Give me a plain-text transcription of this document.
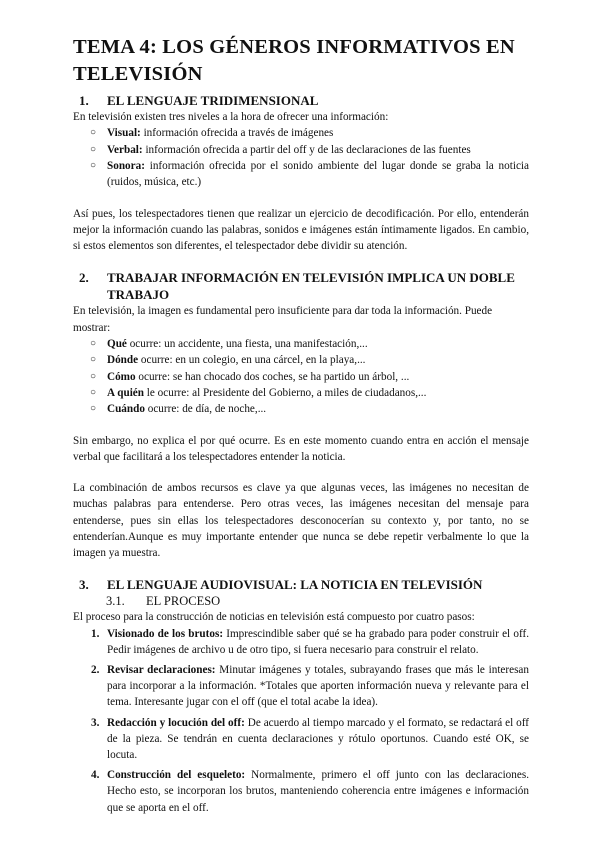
TEMA 4: LOS GÉNEROS INFORMATIVOS EN TELEVISIÓN
1.	EL LENGUAJE TRIDIMENSIONAL

En televisión existen tres niveles a la hora de ofrecer una información:

○ Visual: información ofrecida a través de imágenes
○ Verbal: información ofrecida a partir del off y de las declaraciones de las fuentes
○ Sonora: información ofrecida por el sonido ambiente del lugar donde se graba la noticia (ruidos, música, etc.)

Así pues, los telespectadores tienen que realizar un ejercicio de decodificación. Por ello, entenderán mejor la información cuando las palabras, sonidos e imágenes están íntimamente ligados. En cambio, si estos elementos son diferentes, el telespectador debe dividir su atención.

2.	TRABAJAR INFORMACIÓN EN TELEVISIÓN IMPLICA UN DOBLE TRABAJO

En televisión, la imagen es fundamental pero insuficiente para dar toda la información. Puede mostrar:

○ Qué ocurre: un accidente, una fiesta, una manifestación,...
○ Dónde ocurre: en un colegio, en una cárcel, en la playa,...
○ Cómo ocurre: se han chocado dos coches, se ha partido un árbol, ...
○ A quién le ocurre: al Presidente del Gobierno, a miles de ciudadanos,...
○ Cuándo ocurre: de día, de noche,...

Sin embargo, no explica el por qué ocurre. Es en este momento cuando entra en acción el mensaje verbal que facilitará a los telespectadores entender la noticia.

La combinación de ambos recursos es clave ya que algunas veces, las imágenes no necesitan de muchas palabras para entenderse. Pero otras veces, las imágenes necesitan del mensaje para entenderse, pues sin ellas los telespectadores desconocerían su contexto y, por tanto, no se entenderían.Aunque es muy importante entender que nunca se debe repetir verbalmente lo que la imagen ya muestra.

3.	EL LENGUAJE AUDIOVISUAL: LA NOTICIA EN TELEVISIÓN
3.1.	EL PROCESO

El proceso para la construcción de noticias en televisión está compuesto por cuatro pasos:

1. Visionado de los brutos: Imprescindible saber qué se ha grabado para poder construir el off. Pedir imágenes de archivo u de otro tipo, si fuera necesario para construir el relato.
2. Revisar declaraciones: Minutar imágenes y totales, subrayando frases que más le interesan para incorporar a la información. *Totales que aporten información nueva y relevante para el tema. Interesante jugar con el off (que el total acabe la idea).
3. Redacción y locución del off: De acuerdo al tiempo marcado y el formato, se redactará el off de la pieza. Se tendrán en cuenta declaraciones y rótulo oportunos. Cuando esté OK, se locuta.
4. Construcción del esqueleto: Normalmente, primero el off junto con las declaraciones. Hecho esto, se incorporan los brutos, manteniendo coherencia entre imágenes e información que se aporta en el off.
